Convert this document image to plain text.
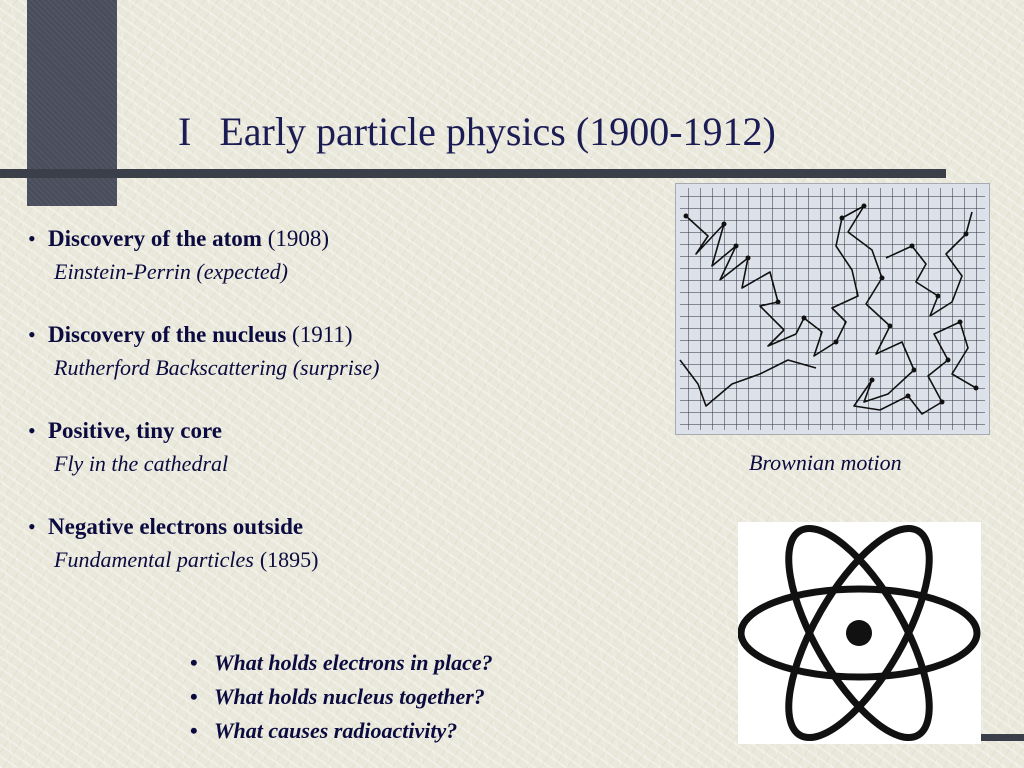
I Early particle physics (1900-1912)
• Discovery of the atom (1908)
Einstein-Perrin (expected)
• Discovery of the nucleus (1911)
Rutherford Backscattering (surprise)
• Positive, tiny core
Fly in the cathedral
• Negative electrons outside
Fundamental particles (1895)
• What holds electrons in place?
• What holds nucleus together?
• What causes radioactivity?
Brownian motion
